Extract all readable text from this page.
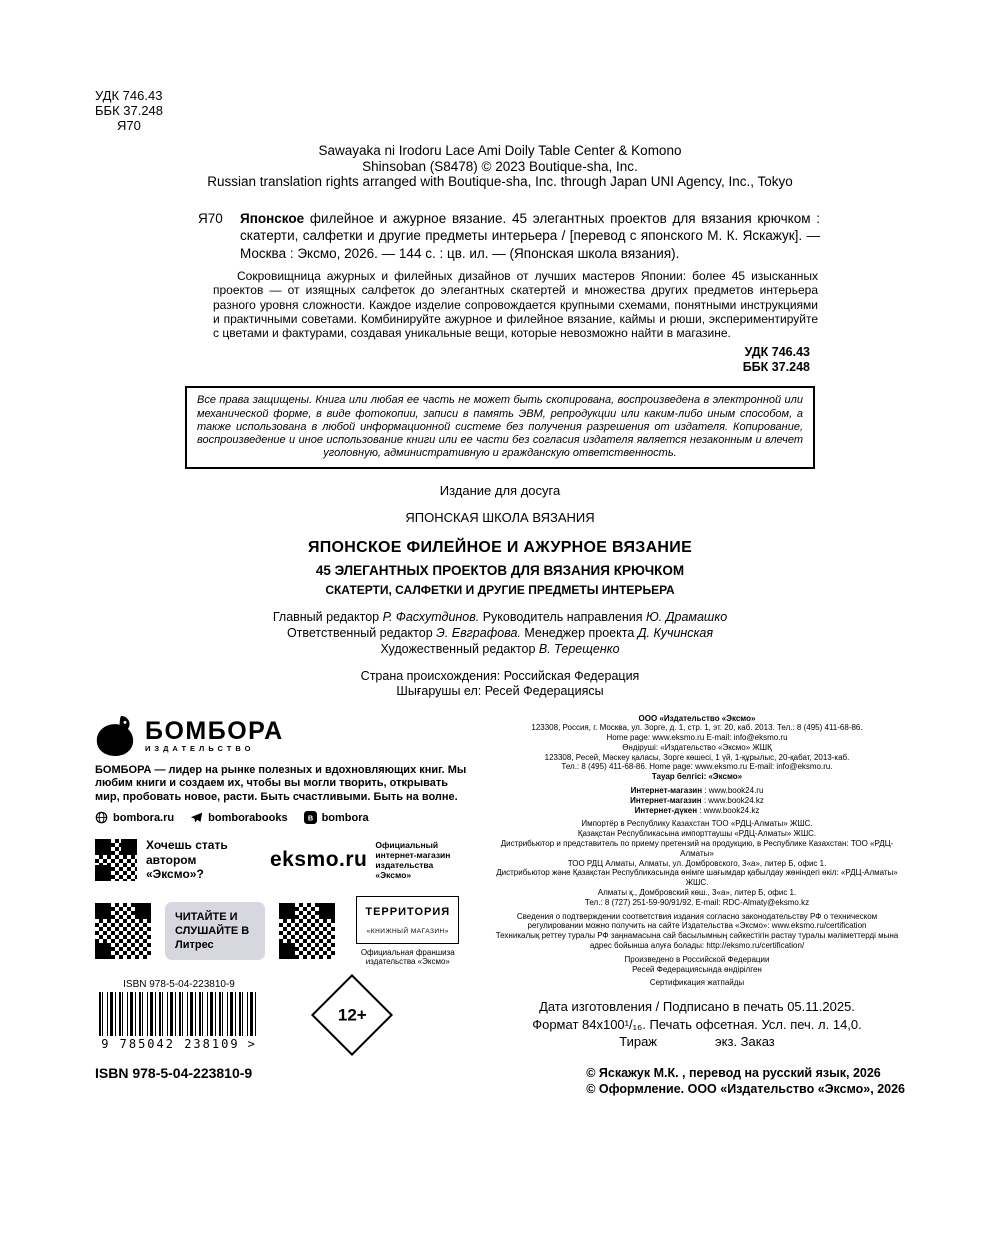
УДК 746.43
ББК 37.248
Я70
Sawayaka ni Irodoru Lace Ami Doily Table Center & Komono
Shinsoban (S8478) © 2023 Boutique-sha, Inc.
Russian translation rights arranged with Boutique-sha, Inc. through Japan UNI Agency, Inc., Tokyo
Я70	Японское филейное и ажурное вязание. 45 элегантных проектов для вязания крючком : скатерти, салфетки и другие предметы интерьера / [перевод с японского М. К. Яскажук]. — Москва : Эксмо, 2026. — 144 с. : цв. ил. — (Японская школа вязания).
Сокровищница ажурных и филейных дизайнов от лучших мастеров Японии: более 45 изысканных проектов — от изящных салфеток до элегантных скатертей и множества других предметов интерьера разного уровня сложности. Каждое изделие сопровождается крупными схемами, понятными инструкциями и практичными советами. Комбинируйте ажурное и филейное вязание, каймы и рюши, экспериментируйте с цветами и фактурами, создавая уникальные вещи, которые невозможно найти в магазине.
УДК 746.43
ББК 37.248
Все права защищены. Книга или любая ее часть не может быть скопирована, воспроизведена в электронной или механической форме, в виде фотокопии, записи в память ЭВМ, репродукции или каким-либо иным способом, а также использована в любой информационной системе без получения разрешения от издателя. Копирование, воспроизведение и иное использование книги или ее части без согласия издателя является незаконным и влечет уголовную, административную и гражданскую ответственность.
Издание для досуга
ЯПОНСКАЯ ШКОЛА ВЯЗАНИЯ
ЯПОНСКОЕ ФИЛЕЙНОЕ И АЖУРНОЕ ВЯЗАНИЕ
45 ЭЛЕГАНТНЫХ ПРОЕКТОВ ДЛЯ ВЯЗАНИЯ КРЮЧКОМ
СКАТЕРТИ, САЛФЕТКИ И ДРУГИЕ ПРЕДМЕТЫ ИНТЕРЬЕРА
Главный редактор Р. Фасхутдинов. Руководитель направления Ю. Драмашко
Ответственный редактор Э. Евграфова. Менеджер проекта Д. Кучинская
Художественный редактор В. Терещенко
Страна происхождения: Российская Федерация
Шығарушы ел: Ресей Федерациясы
БОМБОРА
ИЗДАТЕЛЬСТВО
БОМБОРА — лидер на рынке полезных и вдохновляющих книг. Мы любим книги и создаем их, чтобы вы могли творить, открывать мир, пробовать новое, расти. Быть счастливыми. Быть на волне.
bombora.ru	bomborabooks B bombora
Хочешь стать автором «Эксмо»?
eksmo.ru
Официальный интернет-магазин издательства «Эксмо»
ЧИТАЙТЕ И СЛУШАЙТЕ В Литрес
ТЕРРИТОРИЯ
«КНИЖНЫЙ МАГАЗИН»
Официальная франшиза издательства «Эксмо»
ISBN 978-5-04-223810-9
9 785042 238109 >
12+
ООО «Издательство «Эксмо»
123308, Россия, г. Москва, ул. Зорге, д. 1, стр. 1, эт. 20, каб. 2013. Тел.: 8 (495) 411-68-86.
Home page: www.eksmo.ru E-mail: info@eksmo.ru
Өндіруші: «Издательство «Эксмо» ЖШҚ
123308, Ресей, Мәскеу қаласы, Зорге көшесі, 1 үй, 1-құрылыс, 20-қабат, 2013-каб.
Тел.: 8 (495) 411-68-86. Home page: www.eksmo.ru E-mail: info@eksmo.ru.
Тауар белгісі: «Эксмо»
Интернет-магазин : www.book24.ru
Интернет-магазин : www.book24.kz
Интернет-дүкен : www.book24.kz
Импортёр в Республику Казахстан ТОО «РДЦ-Алматы» ЖШС.
Қазақстан Республикасына импорттаушы «РДЦ-Алматы» ЖШС.
Дистрибьютор и представитель по приему претензий на продукцию, в Республике Казахстан: ТОО «РДЦ-Алматы»
ТОО РДЦ Алматы, Алматы, ул. Домбровского, 3«а», литер Б, офис 1.
Дистрибьютор және Қазақстан Республикасында өнімге шағымдар қабылдау жөніндегі өкіл: «РДЦ-Алматы» ЖШС.
Алматы қ., Домбровский көш., 3«а», литер Б, офис 1.
Тел.: 8 (727) 251-59-90/91/92. E-mail: RDC-Almaty@eksmo.kz
Сведения о подтверждении соответствия издания согласно законодательству РФ о техническом регулировании можно получить на сайте Издательства «Эксмо»: www.eksmo.ru/certification
Техникалық реттеу туралы РФ заңнамасына сай басылымның сәйкестігін растау туралы мәліметтерді мына адрес бойынша алуға болады: http://eksmo.ru/certification/
Произведено в Российской Федерации
Ресей Федерациясында өндірілген
Сертификация жатпайды
Дата изготовления / Подписано в печать 05.11.2025.
Формат 84x100¹/₁₆. Печать офсетная. Усл. печ. л. 14,0.
Тираж	экз. Заказ
ISBN 978-5-04-223810-9	© Яскажук М.К. , перевод на русский язык, 2026
© Оформление. ООО «Издательство «Эксмо», 2026
